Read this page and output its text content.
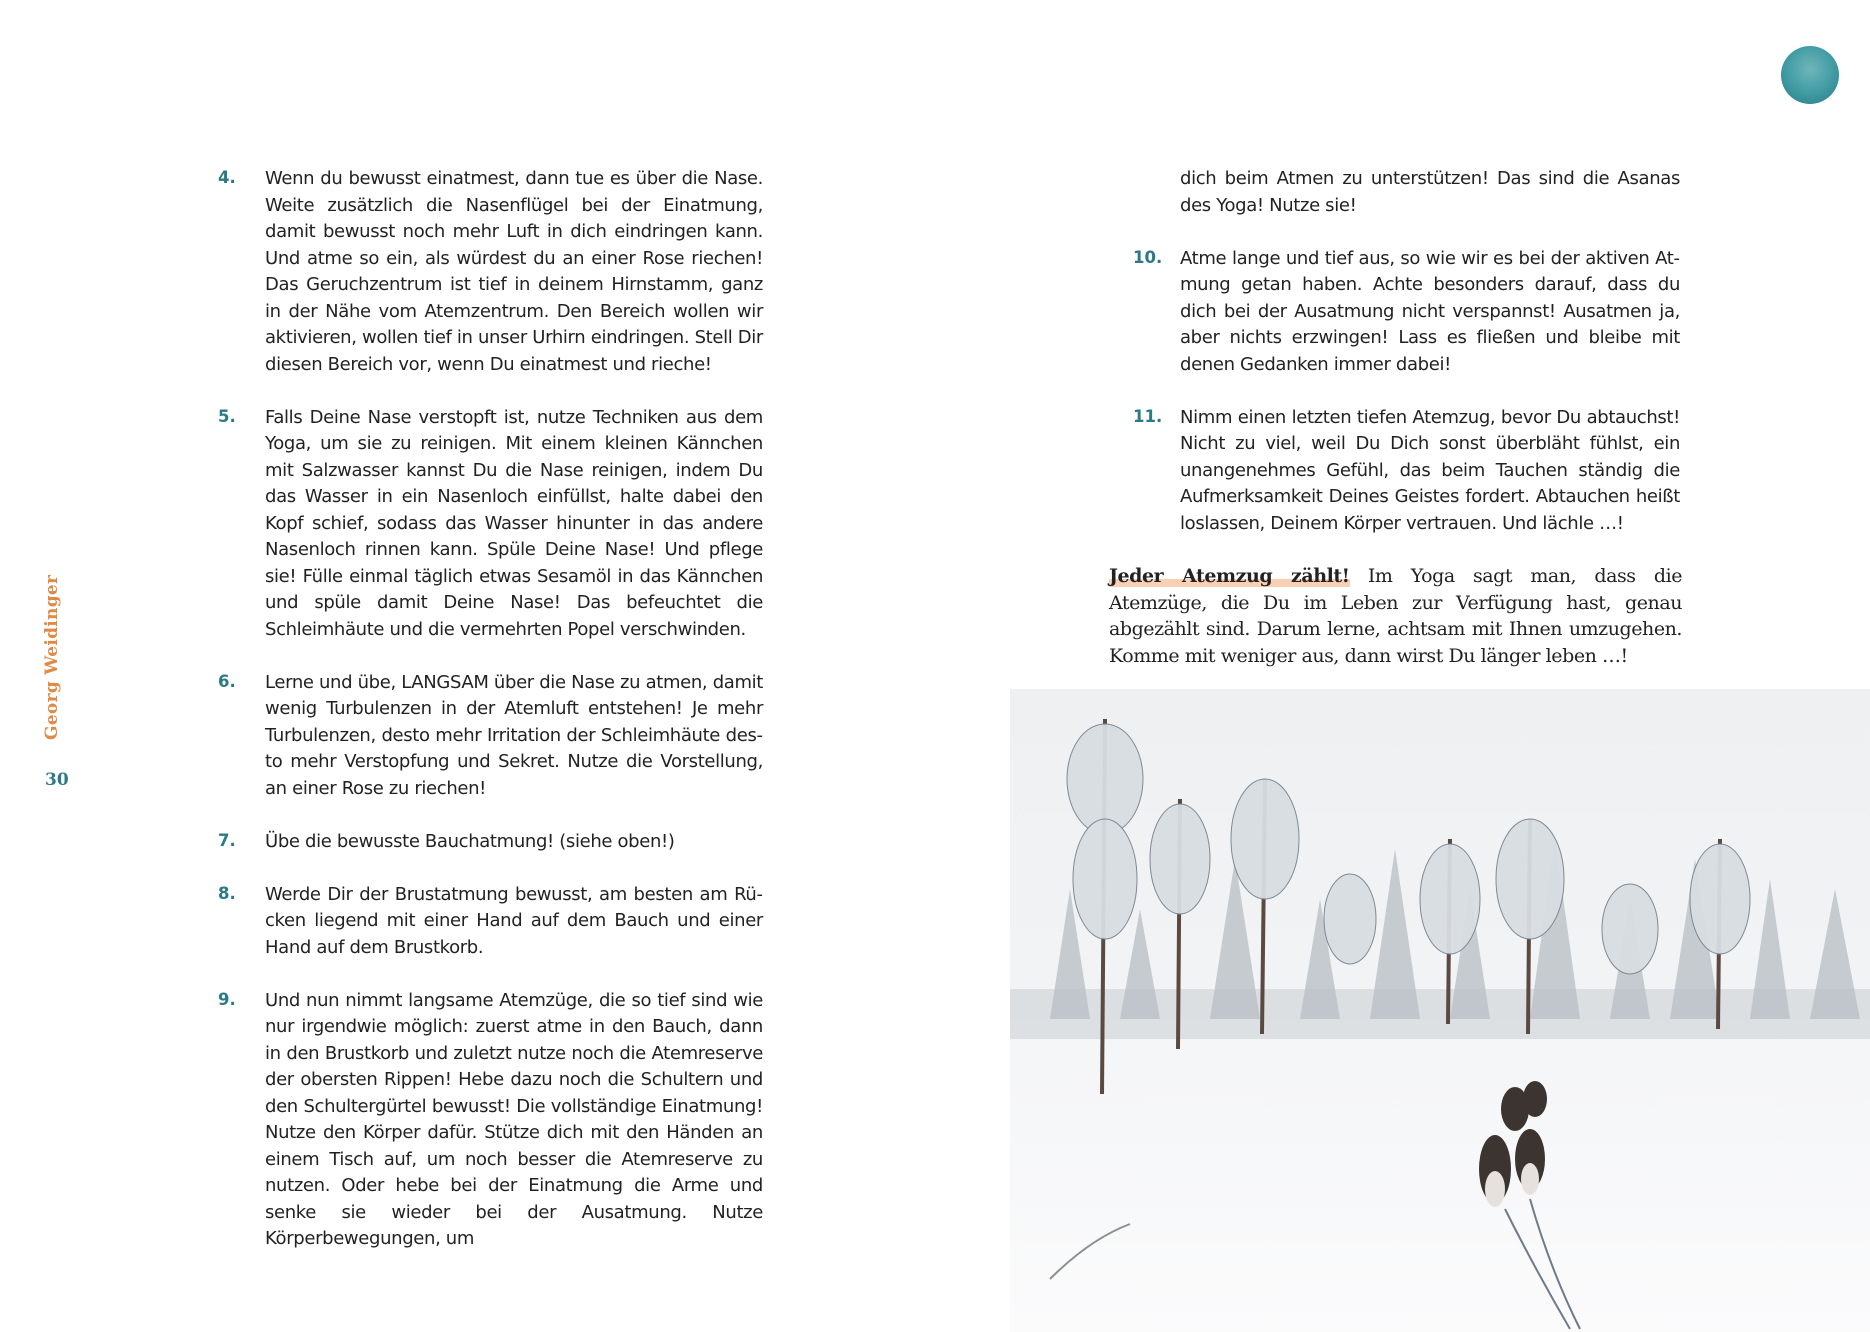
Georg Weidinger
30
4. Wenn du bewusst einatmest, dann tue es über die Nase. Weite zusätzlich die Nasenflügel bei der Einatmung, damit bewusst noch mehr Luft in dich eindringen kann. Und atme so ein, als würdest du an einer Rose riechen! Das Geruchzentrum ist tief in deinem Hirnstamm, ganz in der Nähe vom Atemzentrum. Den Bereich wollen wir aktivieren, wollen tief in unser Urhirn eindringen. Stell Dir diesen Bereich vor, wenn Du einatmest und rieche!
5. Falls Deine Nase verstopft ist, nutze Techniken aus dem Yoga, um sie zu reinigen. Mit einem kleinen Kännchen mit Salzwasser kannst Du die Nase reinigen, indem Du das Wasser in ein Nasenloch einfüllst, halte dabei den Kopf schief, sodass das Wasser hinunter in das andere Nasenloch rinnen kann. Spüle Deine Nase! Und pflege sie! Fülle einmal täglich etwas Sesamöl in das Kännchen und spüle damit Deine Nase! Das befeuchtet die Schleimhäute und die vermehrten Popel verschwinden.
6. Lerne und übe, LANGSAM über die Nase zu atmen, damit wenig Turbulenzen in der Atemluft entstehen! Je mehr Turbulenzen, desto mehr Irritation der Schleimhäute desto mehr Verstopfung und Sekret. Nutze die Vorstellung, an einer Rose zu riechen!
7. Übe die bewusste Bauchatmung! (siehe oben!)
8. Werde Dir der Brustatmung bewusst, am besten am Rücken liegend mit einer Hand auf dem Bauch und einer Hand auf dem Brustkorb.
9. Und nun nimmt langsame Atemzüge, die so tief sind wie nur irgendwie möglich: zuerst atme in den Bauch, dann in den Brustkorb und zuletzt nutze noch die Atemreserve der obersten Rippen! Hebe dazu noch die Schultern und den Schultergürtel bewusst! Die vollständige Einatmung! Nutze den Körper dafür. Stütze dich mit den Händen an einem Tisch auf, um noch besser die Atemreserve zu nutzen. Oder hebe bei der Einatmung die Arme und senke sie wieder bei der Ausatmung. Nutze Körperbewegungen, um
dich beim Atmen zu unterstützen! Das sind die Asanas des Yoga! Nutze sie!
10. Atme lange und tief aus, so wie wir es bei der aktiven Atmung getan haben. Achte besonders darauf, dass du dich bei der Ausatmung nicht verspannst! Ausatmen ja, aber nichts erzwingen! Lass es fließen und bleibe mit denen Gedanken immer dabei!
11. Nimm einen letzten tiefen Atemzug, bevor Du abtauchst! Nicht zu viel, weil Du Dich sonst überbläht fühlst, ein unangenehmes Gefühl, das beim Tauchen ständig die Aufmerksamkeit Deines Geistes fordert. Abtauchen heißt loslassen, Deinem Körper vertrauen. Und lächle …!

Jeder Atemzug zählt! Im Yoga sagt man, dass die Atemzüge, die Du im Leben zur Verfügung hast, genau abgezählt sind. Darum lerne, achtsam mit Ihnen umzugehen. Komme mit weniger aus, dann wirst Du länger leben …!
